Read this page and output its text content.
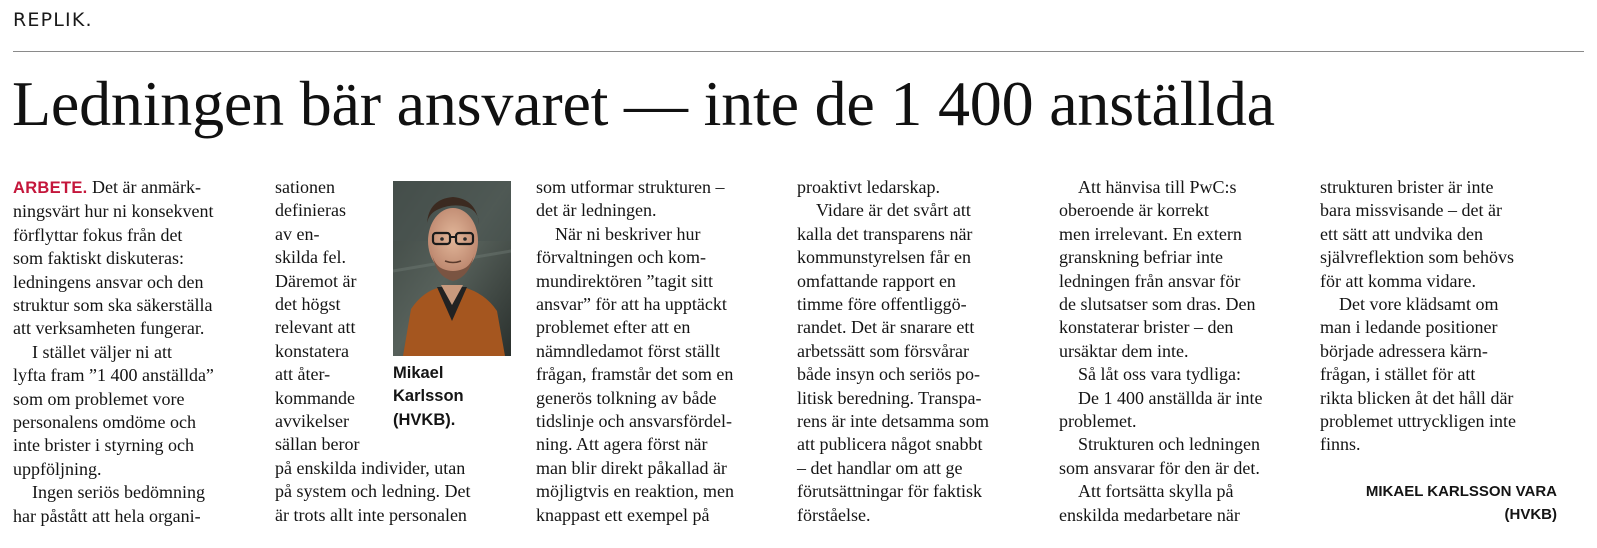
REPLIK.
Ledningen bär ansvaret — inte de 1 400 anställda

ARBETE. Det är anmärk-
ningsvärt hur ni konsekvent
förflyttar fokus från det
som faktiskt diskuteras:
ledningens ansvar och den
struktur som ska säkerställa
att verksamheten fungerar.

I stället väljer ni att
lyfta fram ”1 400 anställda”
som om problemet vore
personalens omdöme och
inte brister i styrning och
uppföljning.

Ingen seriös bedömning
har påstått att hela organi-

sationen
definieras
av en-
skilda fel.
Däremot är
det högst
relevant att
konstatera
att åter-
kommande
avvikelser
sällan beror
på enskilda individer, utan
på system och ledning. Det
är trots allt inte personalen

Mikael
Karlsson
(HVKB).

som utformar strukturen –
det är ledningen.

När ni beskriver hur
förvaltningen och kom-
mundirektören ”tagit sitt
ansvar” för att ha upptäckt
problemet efter att en
nämndledamot först ställt
frågan, framstår det som en
generös tolkning av både
tidslinje och ansvarsfördel-
ning. Att agera först när
man blir direkt påkallad är
möjligtvis en reaktion, men
knappast ett exempel på

proaktivt ledarskap.

Vidare är det svårt att
kalla det transparens när
kommunstyrelsen får en
omfattande rapport en
timme före offentliggö-
randet. Det är snarare ett
arbetssätt som försvårar
både insyn och seriös po-
litisk beredning. Transpa-
rens är inte detsamma som
att publicera något snabbt
– det handlar om att ge
förutsättningar för faktisk
förståelse.

Att hänvisa till PwC:s
oberoende är korrekt
men irrelevant. En extern
granskning befriar inte
ledningen från ansvar för
de slutsatser som dras. Den
konstaterar brister – den
ursäktar dem inte.

Så låt oss vara tydliga:

De 1 400 anställda är inte
problemet.

Strukturen och ledningen
som ansvarar för den är det.

Att fortsätta skylla på
enskilda medarbetare när

strukturen brister är inte
bara missvisande – det är
ett sätt att undvika den
självreflektion som behövs
för att komma vidare.

Det vore klädsamt om
man i ledande positioner
började adressera kärn-
frågan, i stället för att
rikta blicken åt det håll där
problemet uttryckligen inte
finns.

MIKAEL KARLSSON VARA
(HVKB)
